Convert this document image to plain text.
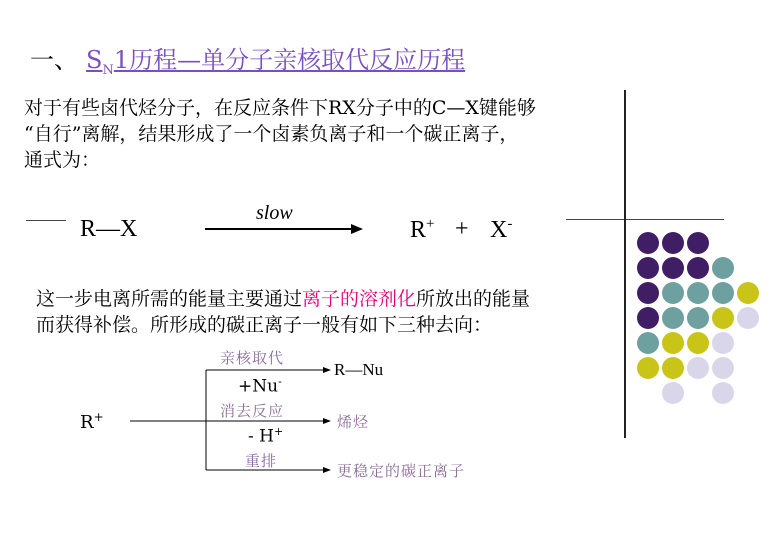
一、 $S_N1$历程—单分子亲核取代反应历程
对于有些卤代烃分子，在反应条件下RX分子中的C—X键能够
“自行”离解，结果形成了一个卤素负离子和一个碳正离子，
通式为：
R—X
slow
R+ + X-
这一步电离所需的能量主要通过离子的溶剂化所放出的能量
而获得补偿。所形成的碳正离子一般有如下三种去向：
R+
亲核取代
+Nu-
消去反应
- H+
重排
R—Nu
烯烃
更稳定的碳正离子
